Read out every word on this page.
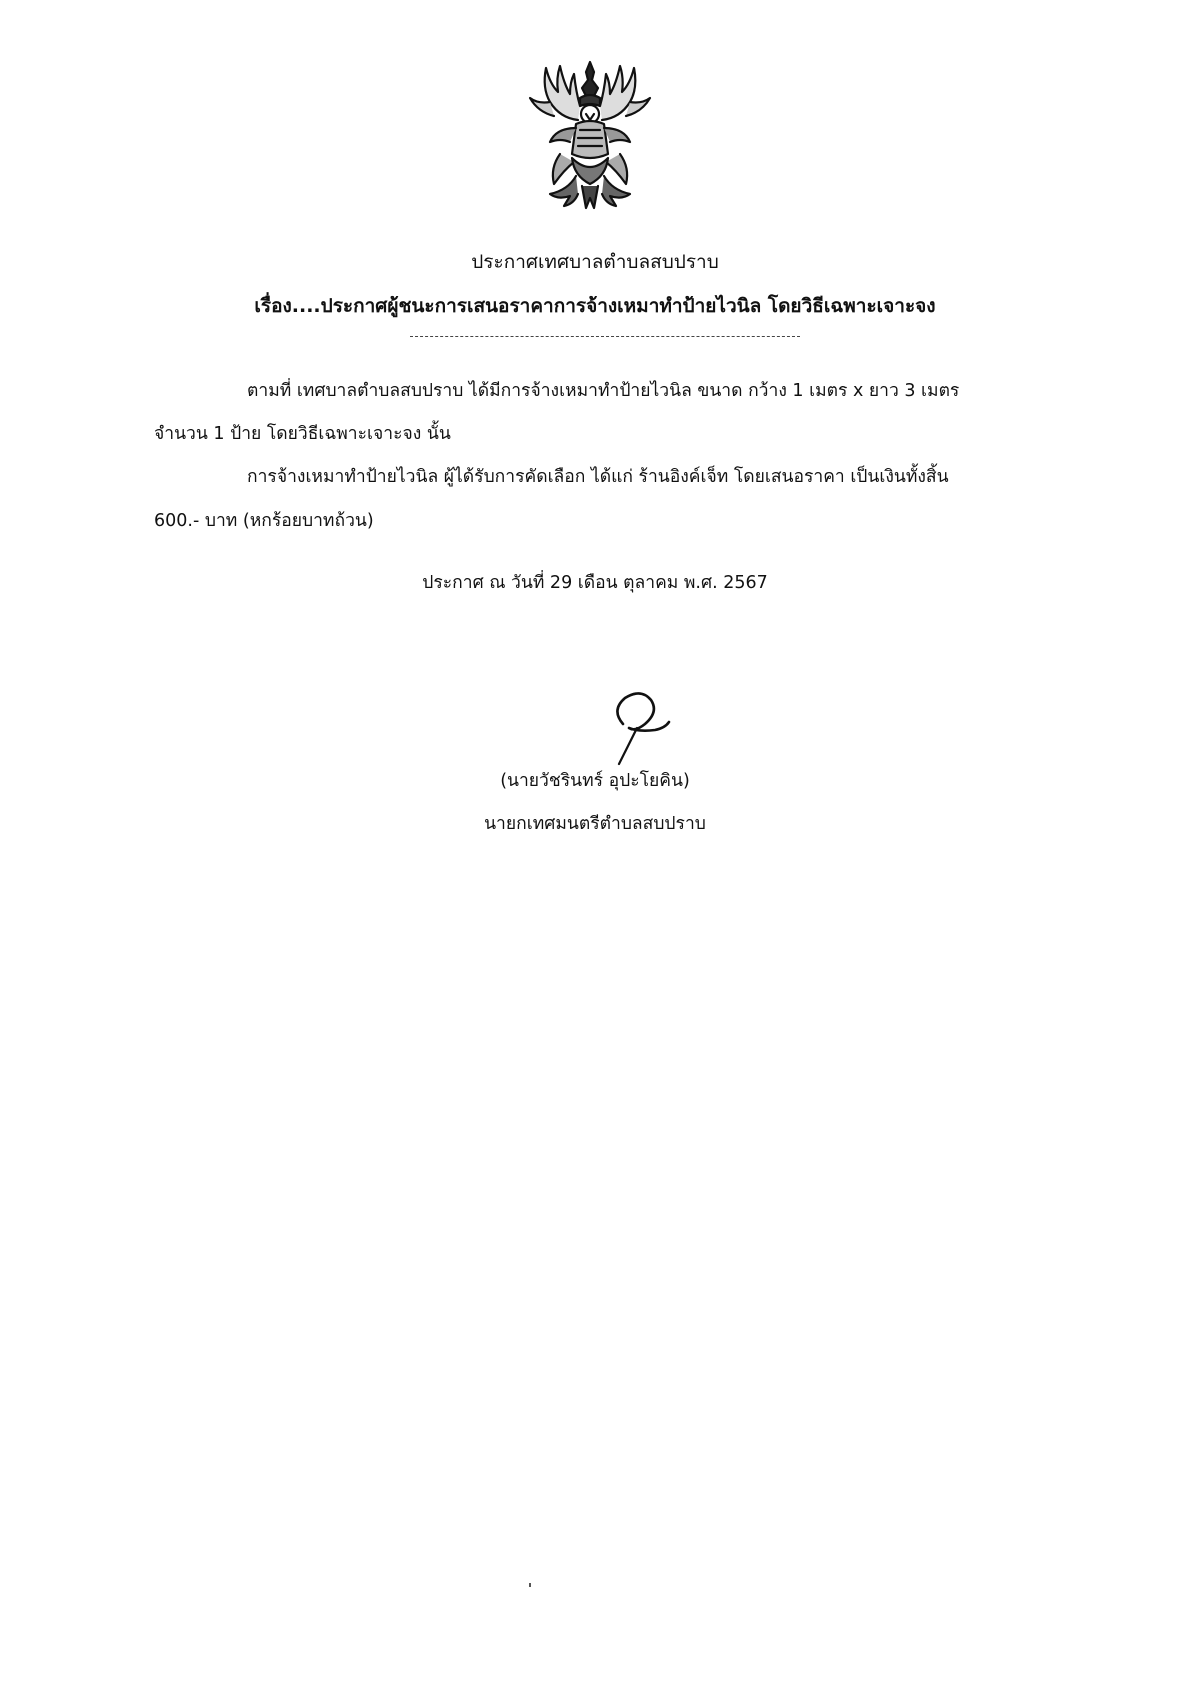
ประกาศเทศบาลตำบลสบปราบ
เรื่อง....ประกาศผู้ชนะการเสนอราคาการจ้างเหมาทำป้ายไวนิล โดยวิธีเฉพาะเจาะจง
ตามที่ เทศบาลตำบลสบปราบ ได้มีการจ้างเหมาทำป้ายไวนิล ขนาด กว้าง 1 เมตร x ยาว 3 เมตร
จำนวน 1 ป้าย โดยวิธีเฉพาะเจาะจง นั้น
การจ้างเหมาทำป้ายไวนิล ผู้ได้รับการคัดเลือก ได้แก่ ร้านอิงค์เจ็ท โดยเสนอราคา เป็นเงินทั้งสิ้น
600.- บาท (หกร้อยบาทถ้วน)
ประกาศ ณ วันที่ 29 เดือน ตุลาคม พ.ศ. 2567
(นายวัชรินทร์ อุปะโยคิน)
นายกเทศมนตรีตำบลสบปราบ
